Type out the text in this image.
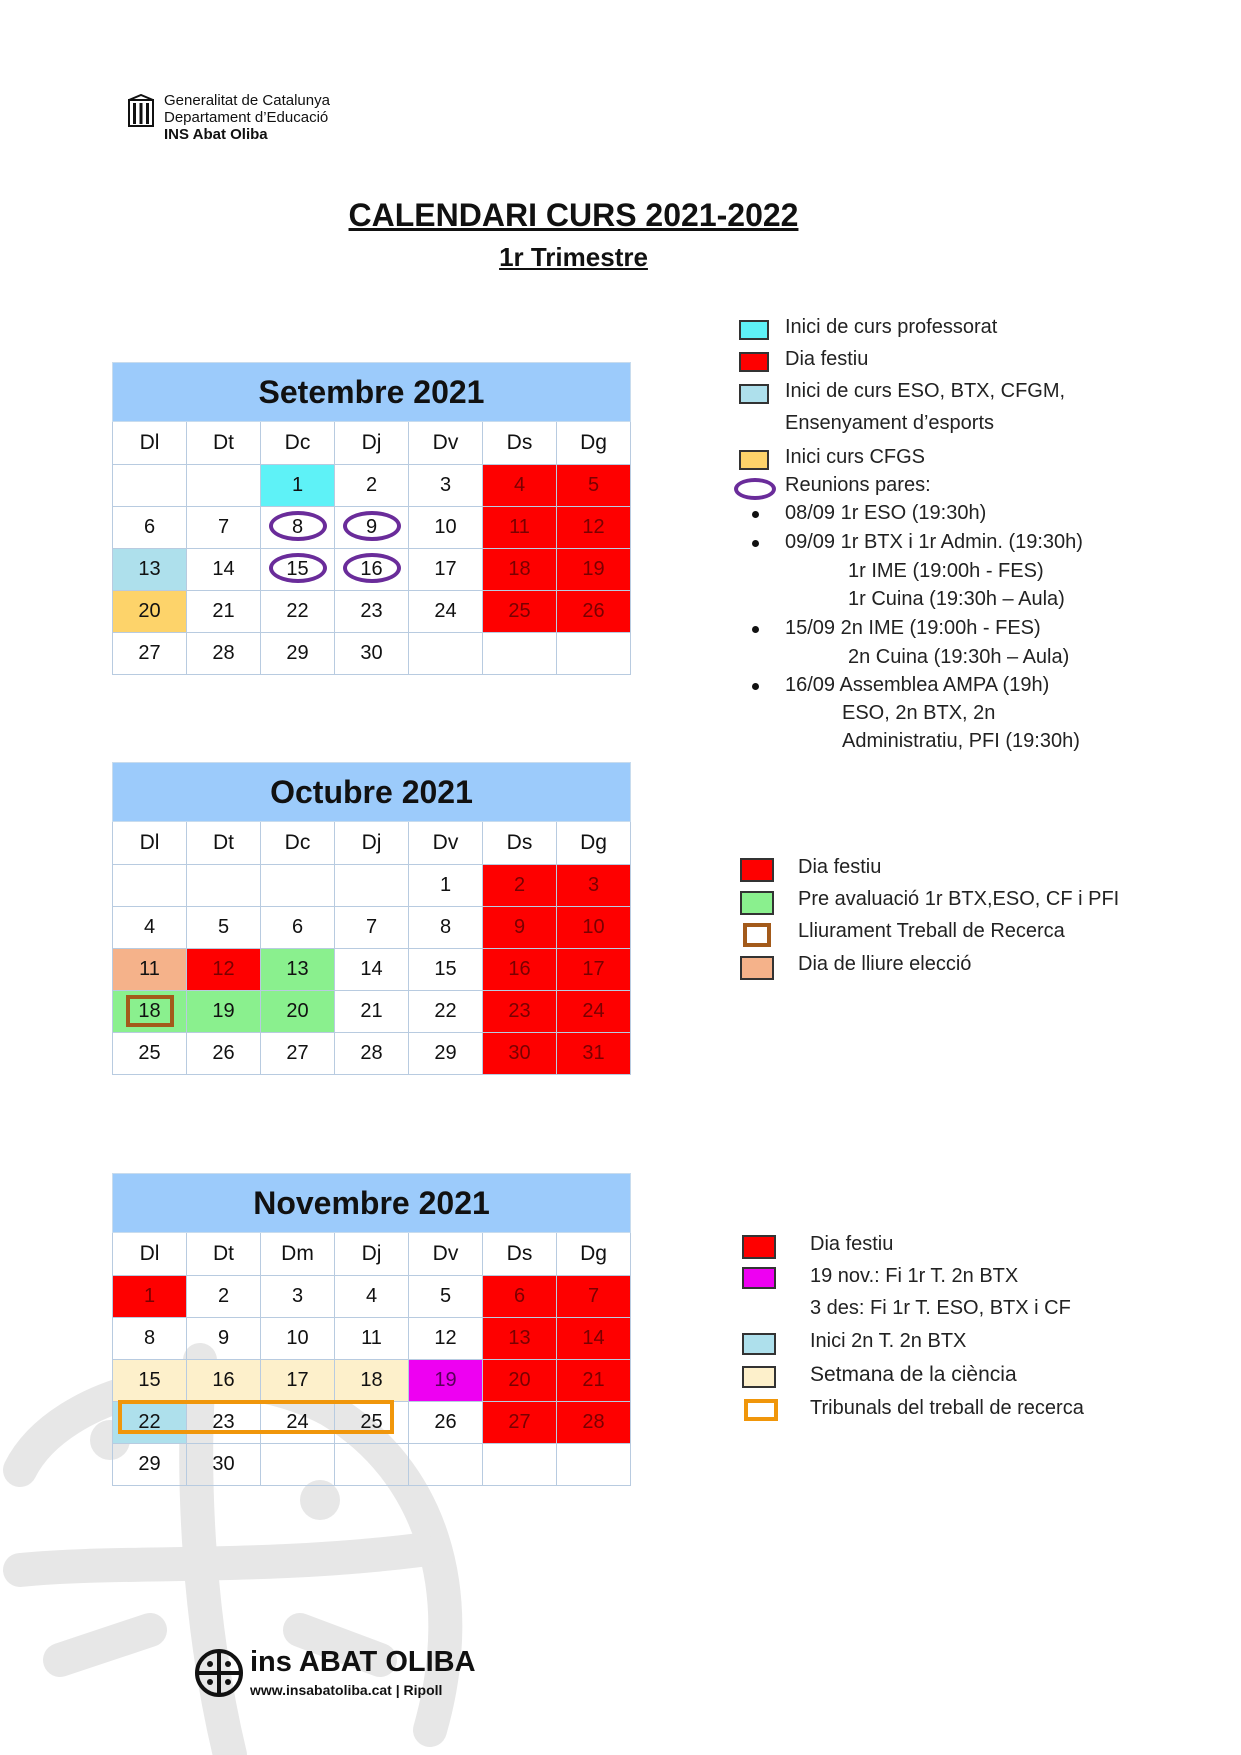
Generalitat de Catalunya
Departament d’Educació
INS Abat Oliba
CALENDARI CURS 2021-2022
1r Trimestre
Setembre 2021						
Dl	Dt	Dc	Dj	Dv	Ds	Dg
		1	2	3	4	5
6	7	8	9	10	11	12
13	14	15	16	17	18	19
20	21	22	23	24	25	26
27	28	29	30			
Octubre 2021						
Dl	Dt	Dc	Dj	Dv	Ds	Dg
				1	2	3
4	5	6	7	8	9	10
11	12	13	14	15	16	17
18	19	20	21	22	23	24
25	26	27	28	29	30	31
Novembre 2021						
Dl	Dt	Dm	Dj	Dv	Ds	Dg
1	2	3	4	5	6	7
8	9	10	11	12	13	14
15	16	17	18	19	20	21
22	23	24	25	26	27	28
29	30					
Inici de curs professorat
Dia festiu
Inici de curs ESO, BTX, CFGM,
Ensenyament d’esports
Inici curs CFGS
Reunions pares:
08/09 1r ESO (19:30h)
09/09 1r BTX i 1r Admin. (19:30h)
1r IME (19:00h - FES)
1r Cuina (19:30h – Aula)
15/09 2n IME (19:00h - FES)
2n Cuina (19:30h – Aula)
16/09 Assemblea AMPA (19h)
ESO, 2n BTX, 2n
Administratiu, PFI (19:30h)
Dia festiu
Pre avaluació 1r BTX,ESO, CF i PFI
Lliurament Treball de Recerca
Dia de lliure elecció
Dia festiu
19 nov.: Fi 1r T. 2n BTX
3 des: Fi 1r T. ESO, BTX i CF
Inici 2n T. 2n BTX
Setmana de la ciència
Tribunals del treball de recerca
ins ABAT OLIBA
www.insabatoliba.cat | Ripoll
